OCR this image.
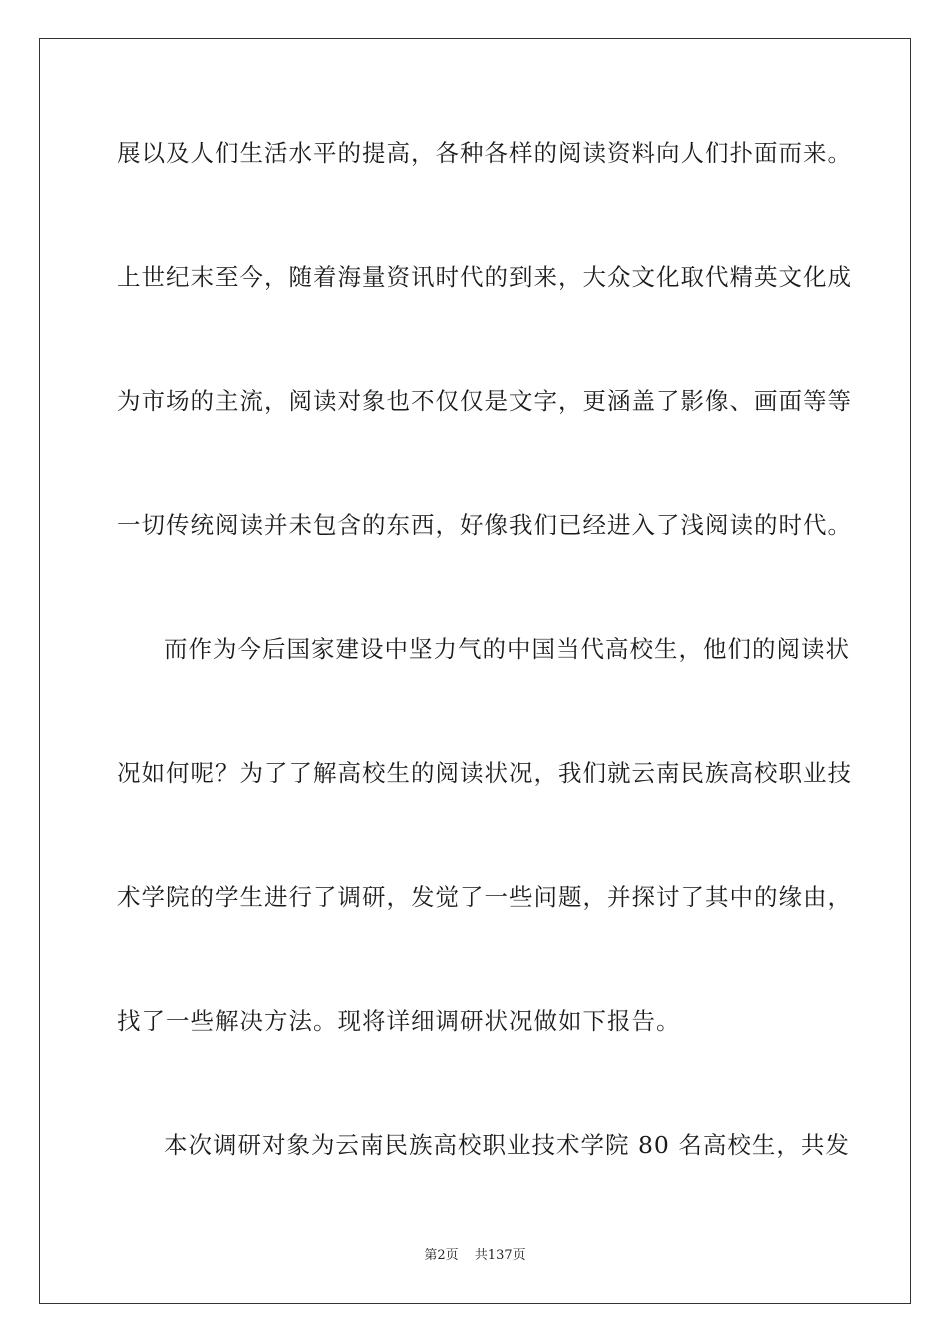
展以及人们生活水平的提高，各种各样的阅读资料向人们扑面而来。
上世纪末至今，随着海量资讯时代的到来，大众文化取代精英文化成
为市场的主流，阅读对象也不仅仅是文字，更涵盖了影像、画面等等
一切传统阅读并未包含的东西，好像我们已经进入了浅阅读的时代。
而作为今后国家建设中坚力气的中国当代高校生，他们的阅读状
况如何呢？为了了解高校生的阅读状况，我们就云南民族高校职业技
术学院的学生进行了调研，发觉了一些问题，并探讨了其中的缘由，
找了一些解决方法。现将详细调研状况做如下报告。
本次调研对象为云南民族高校职业技术学院 80 名高校生，共发
第2页 共137页
